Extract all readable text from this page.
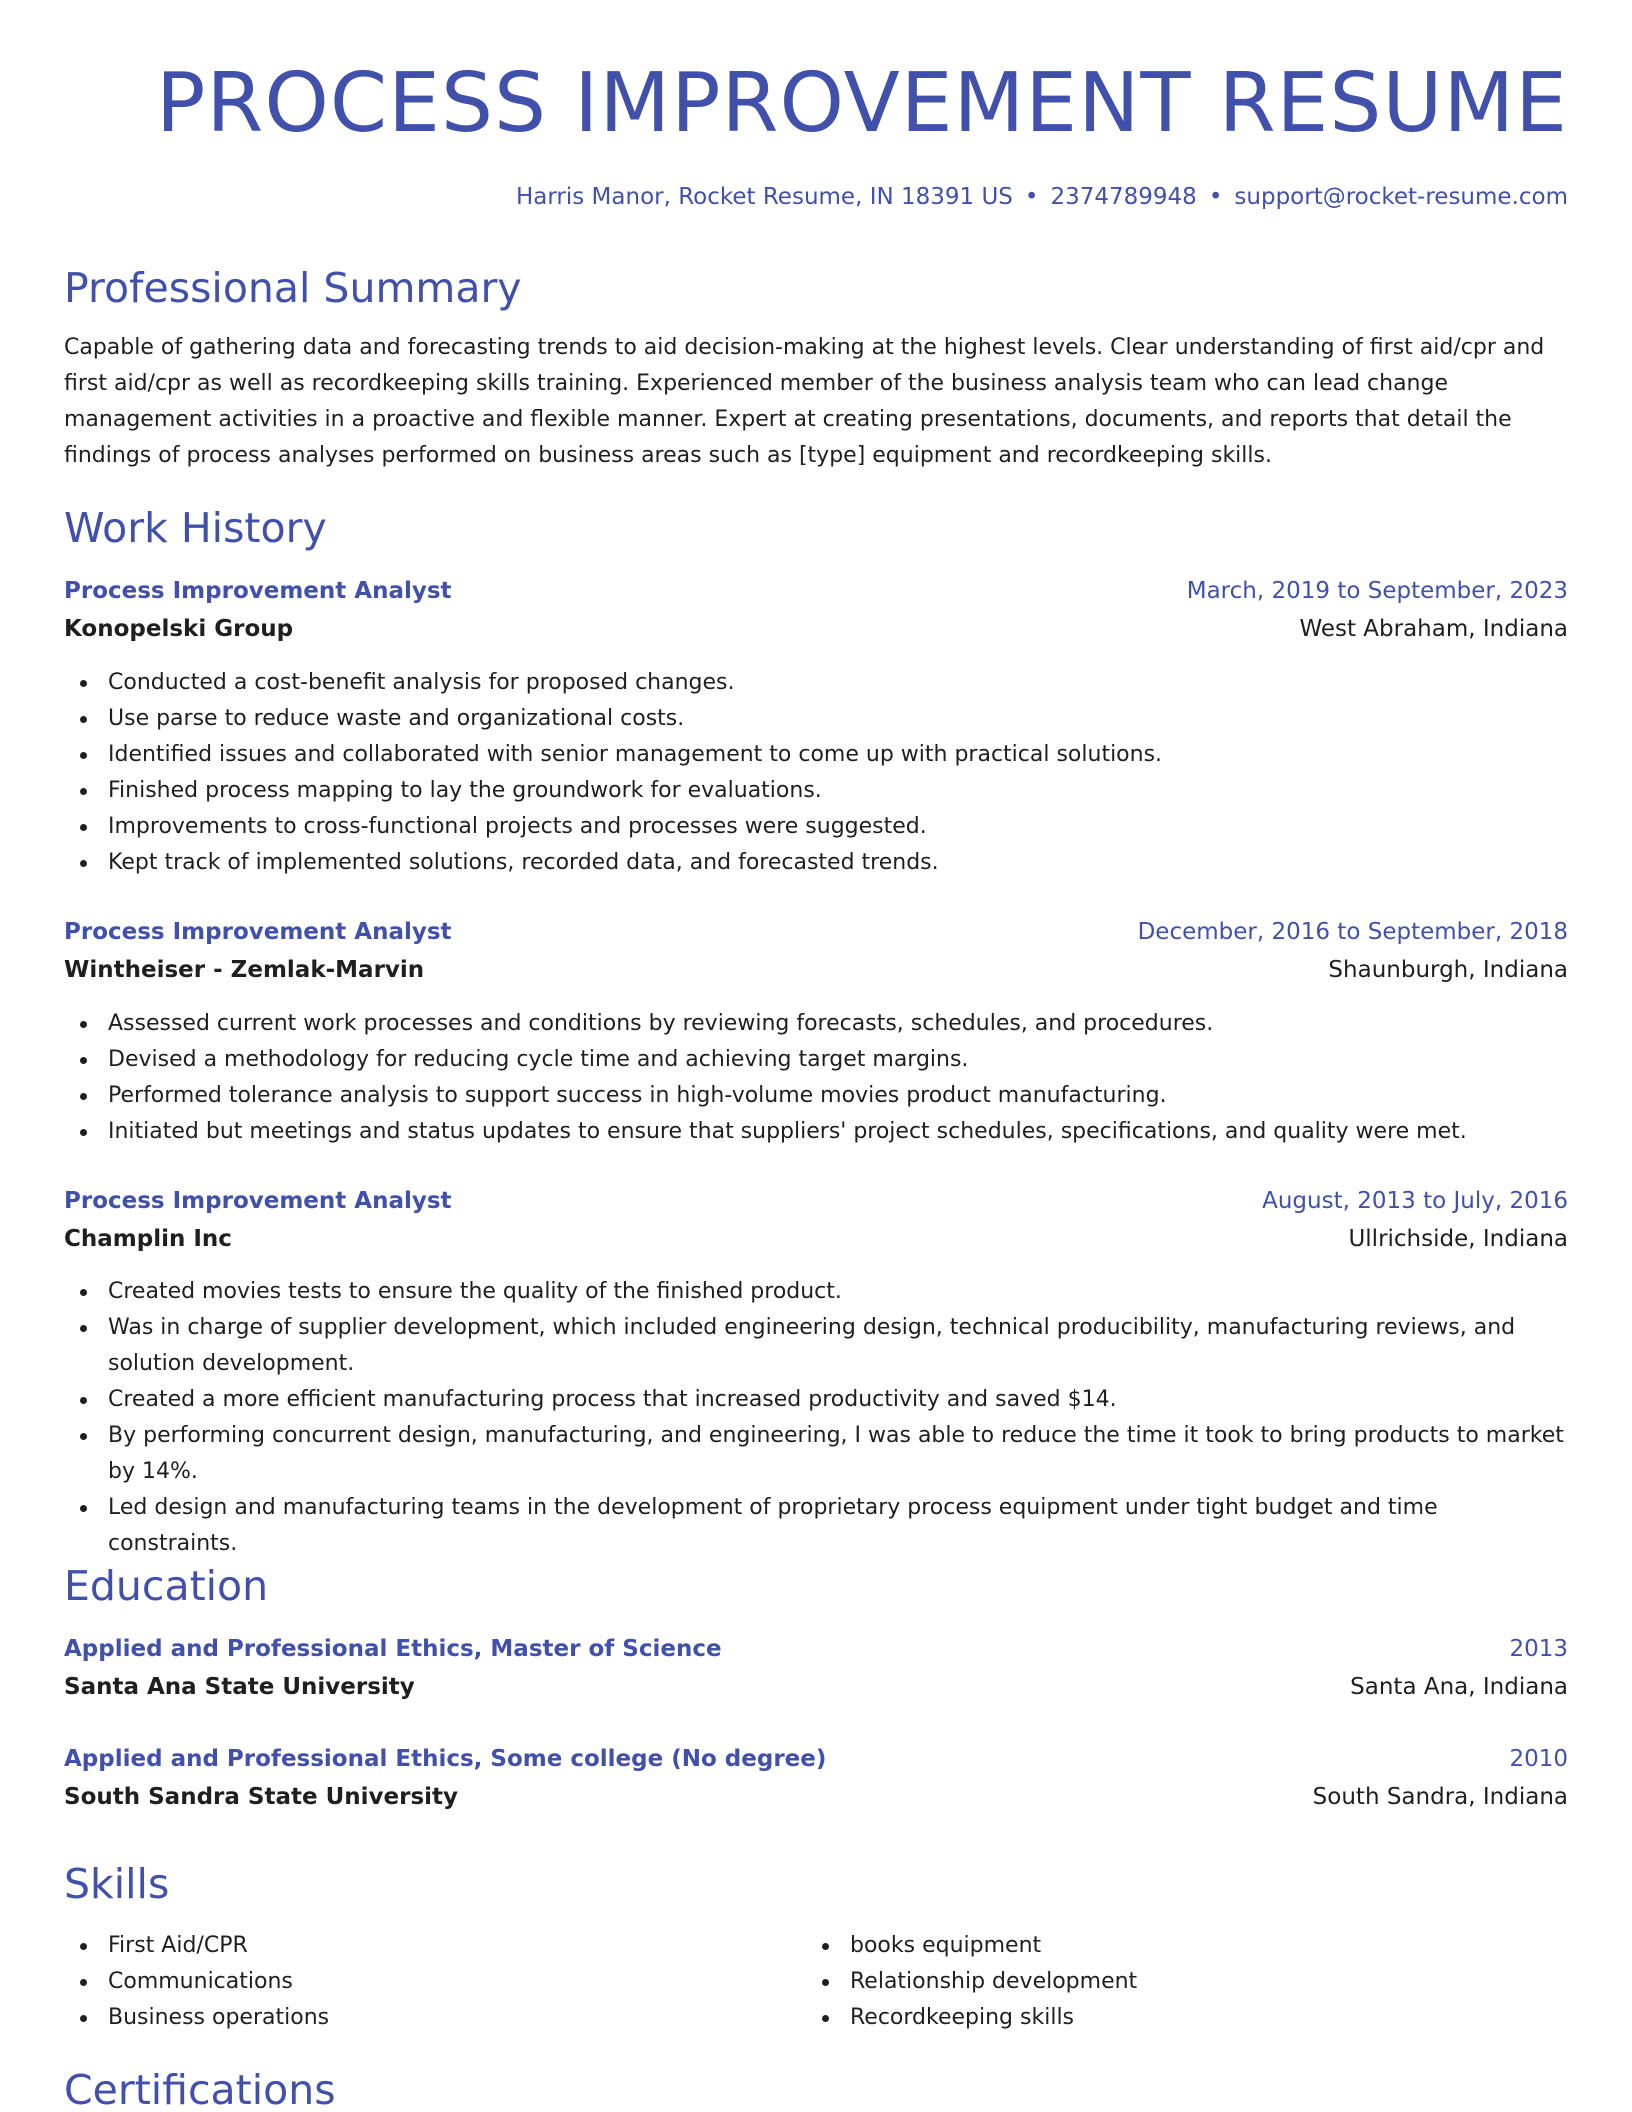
PROCESS IMPROVEMENT RESUME
Harris Manor, Rocket Resume, IN 18391 US • 2374789948 • support@rocket-resume.com
Professional Summary

Capable of gathering data and forecasting trends to aid decision-making at the highest levels. Clear understanding of first aid/cpr and first aid/cpr as well as recordkeeping skills training. Experienced member of the business analysis team who can lead change management activities in a proactive and flexible manner. Expert at creating presentations, documents, and reports that detail the findings of process analyses performed on business areas such as [type] equipment and recordkeeping skills.

Work History
Process Improvement Analyst	March, 2019 to September, 2023
Konopelski Group	West Abraham, Indiana
Conducted a cost-benefit analysis for proposed changes.
Use parse to reduce waste and organizational costs.
Identified issues and collaborated with senior management to come up with practical solutions.
Finished process mapping to lay the groundwork for evaluations.
Improvements to cross-functional projects and processes were suggested.
Kept track of implemented solutions, recorded data, and forecasted trends.
Process Improvement Analyst	December, 2016 to September, 2018
Wintheiser - Zemlak-Marvin	Shaunburgh, Indiana
Assessed current work processes and conditions by reviewing forecasts, schedules, and procedures.
Devised a methodology for reducing cycle time and achieving target margins.
Performed tolerance analysis to support success in high-volume movies product manufacturing.
Initiated but meetings and status updates to ensure that suppliers' project schedules, specifications, and quality were met.
Process Improvement Analyst	August, 2013 to July, 2016
Champlin Inc	Ullrichside, Indiana
Created movies tests to ensure the quality of the finished product.
Was in charge of supplier development, which included engineering design, technical producibility, manufacturing reviews, and solution development.
Created a more efficient manufacturing process that increased productivity and saved $14.
By performing concurrent design, manufacturing, and engineering, I was able to reduce the time it took to bring products to market by 14%.
Led design and manufacturing teams in the development of proprietary process equipment under tight budget and time constraints.
Education
Applied and Professional Ethics, Master of Science	2013
Santa Ana State University	Santa Ana, Indiana
Applied and Professional Ethics, Some college (No degree)	2010
South Sandra State University	South Sandra, Indiana
Skills
First Aid/CPR
Communications
Business operations
books equipment
Relationship development
Recordkeeping skills
Certifications
